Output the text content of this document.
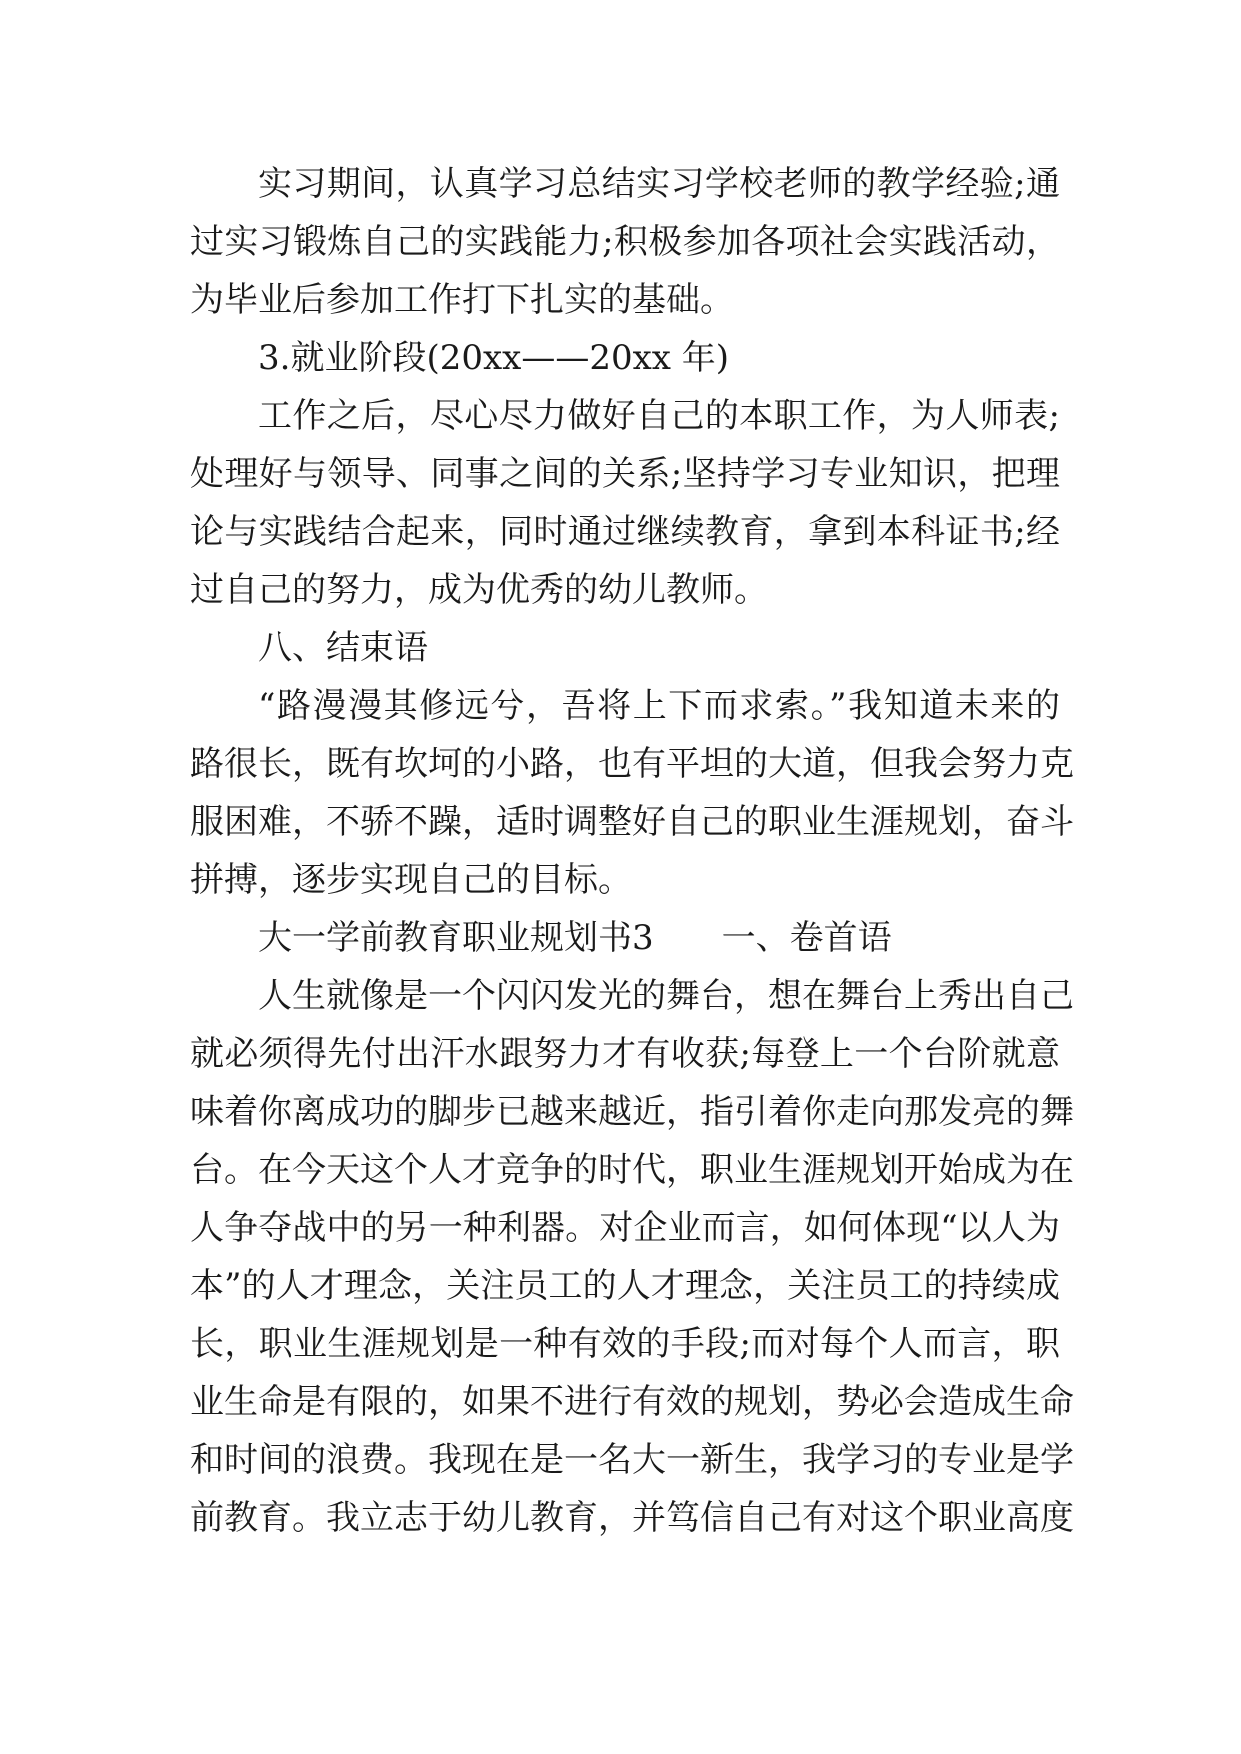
实习期间，认真学习总结实习学校老师的教学经验;通

过实习锻炼自己的实践能力;积极参加各项社会实践活动，

为毕业后参加工作打下扎实的基础。

3.就业阶段(20xx——20xx 年)

工作之后，尽心尽力做好自己的本职工作，为人师表;

处理好与领导、同事之间的关系;坚持学习专业知识，把理

论与实践结合起来，同时通过继续教育，拿到本科证书;经

过自己的努力，成为优秀的幼儿教师。

八、结束语

“路漫漫其修远兮，吾将上下而求索。”我知道未来的

路很长，既有坎坷的小路，也有平坦的大道，但我会努力克

服困难，不骄不躁，适时调整好自己的职业生涯规划，奋斗

拼搏，逐步实现自己的目标。

大一学前教育职业规划书3　　一、卷首语

人生就像是一个闪闪发光的舞台，想在舞台上秀出自己

就必须得先付出汗水跟努力才有收获;每登上一个台阶就意

味着你离成功的脚步已越来越近，指引着你走向那发亮的舞

台。在今天这个人才竞争的时代，职业生涯规划开始成为在

人争夺战中的另一种利器。对企业而言，如何体现“以人为

本”的人才理念，关注员工的人才理念，关注员工的持续成

长，职业生涯规划是一种有效的手段;而对每个人而言，职

业生命是有限的，如果不进行有效的规划，势必会造成生命

和时间的浪费。我现在是一名大一新生，我学习的专业是学

前教育。我立志于幼儿教育，并笃信自己有对这个职业高度
